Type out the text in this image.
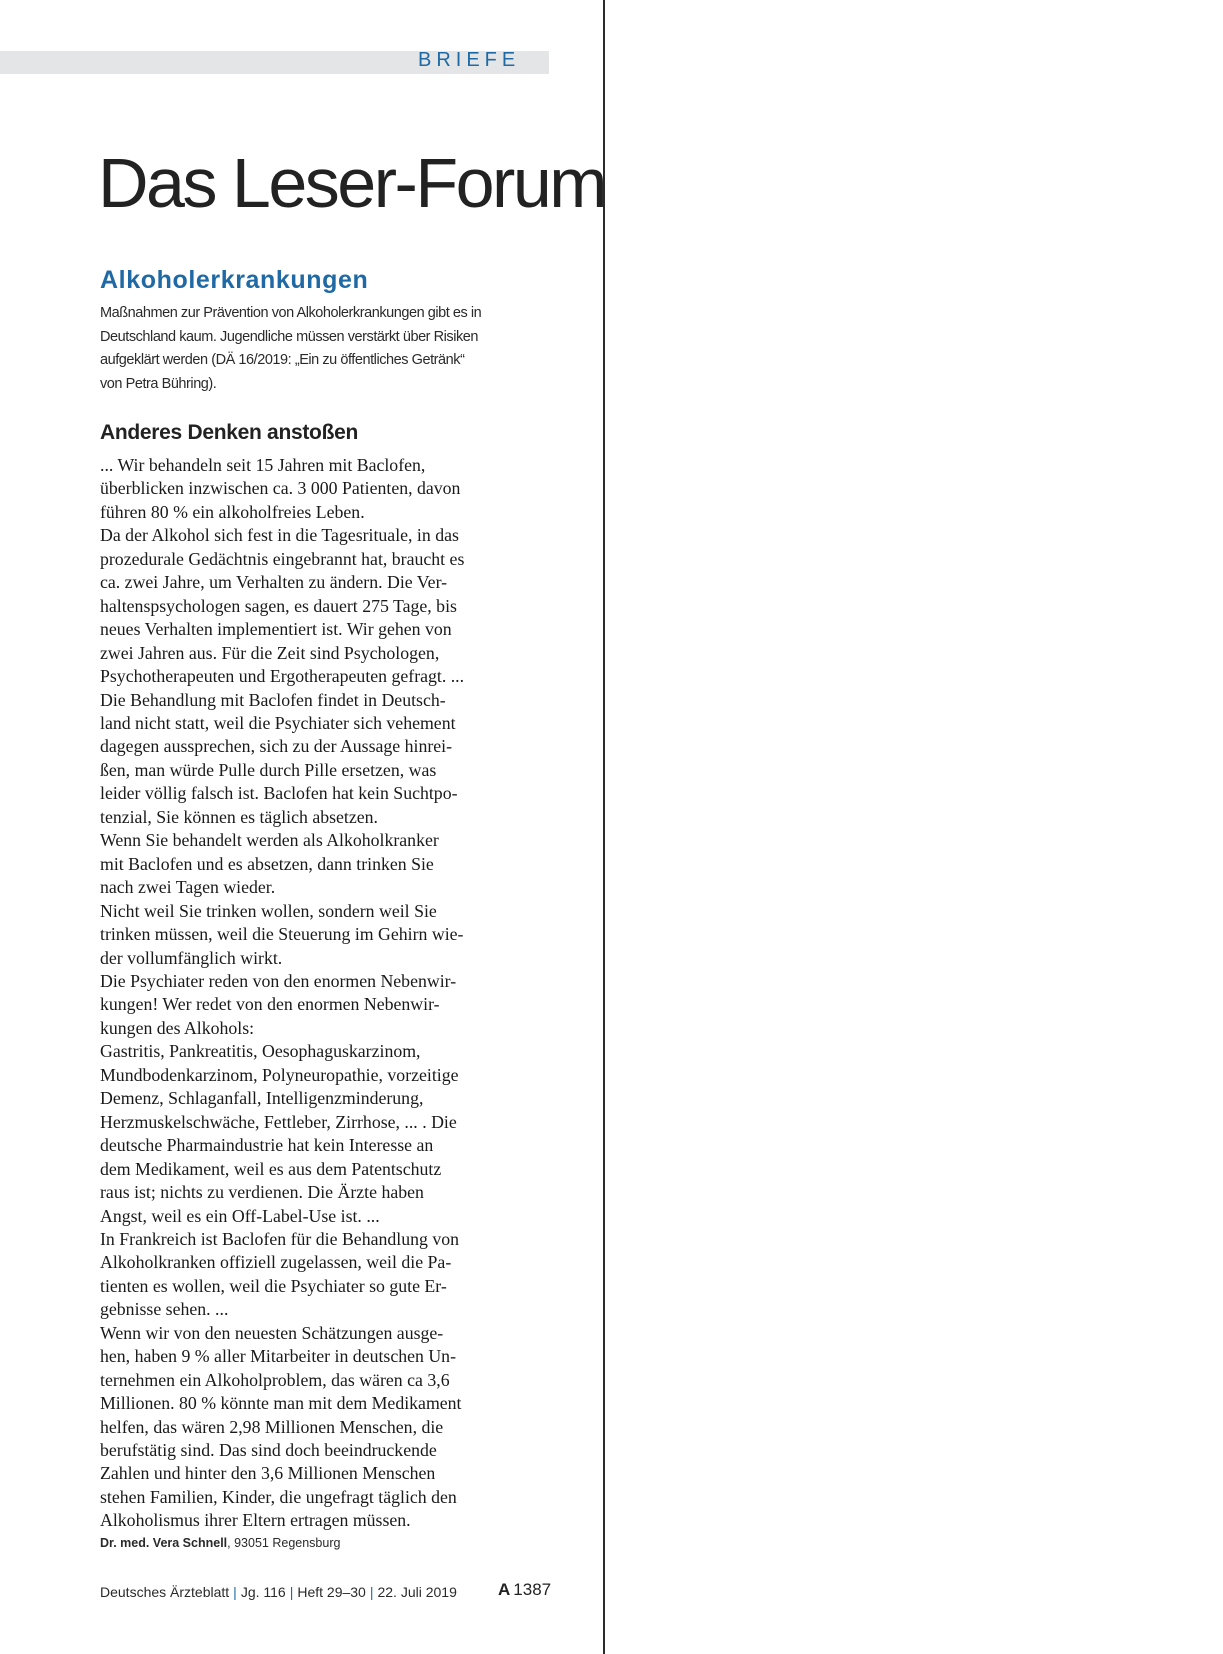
BRIEFE
Das Leser-Forum
Alkoholerkrankungen
Maßnahmen zur Prävention von Alkoholerkrankungen gibt es in
Deutschland kaum. Jugendliche müssen verstärkt über Risiken
aufgeklärt werden (DÄ 16/2019: „Ein zu öffentliches Getränk“
von Petra Bühring).
Anderes Denken anstoßen
... Wir behandeln seit 15 Jahren mit Baclofen,
überblicken inzwischen ca. 3 000 Patienten, davon
führen 80 % ein alkoholfreies Leben.
Da der Alkohol sich fest in die Tagesrituale, in das
prozedurale Gedächtnis eingebrannt hat, braucht es
ca. zwei Jahre, um Verhalten zu ändern. Die Ver-
haltenspsychologen sagen, es dauert 275 Tage, bis
neues Verhalten implementiert ist. Wir gehen von
zwei Jahren aus. Für die Zeit sind Psychologen,
Psychotherapeuten und Ergotherapeuten gefragt. ...
Die Behandlung mit Baclofen findet in Deutsch-
land nicht statt, weil die Psychiater sich vehement
dagegen aussprechen, sich zu der Aussage hinrei-
ßen, man würde Pulle durch Pille ersetzen, was
leider völlig falsch ist. Baclofen hat kein Suchtpo-
tenzial, Sie können es täglich absetzen.
Wenn Sie behandelt werden als Alkoholkranker
mit Baclofen und es absetzen, dann trinken Sie
nach zwei Tagen wieder.
Nicht weil Sie trinken wollen, sondern weil Sie
trinken müssen, weil die Steuerung im Gehirn wie-
der vollumfänglich wirkt.
Die Psychiater reden von den enormen Nebenwir-
kungen! Wer redet von den enormen Nebenwir-
kungen des Alkohols:
Gastritis, Pankreatitis, Oesophaguskarzinom,
Mundbodenkarzinom, Polyneuropathie, vorzeitige
Demenz, Schlaganfall, Intelligenzminderung,
Herzmuskelschwäche, Fettleber, Zirrhose, ... . Die
deutsche Pharmaindustrie hat kein Interesse an
dem Medikament, weil es aus dem Patentschutz
raus ist; nichts zu verdienen. Die Ärzte haben
Angst, weil es ein Off-Label-Use ist. ...
In Frankreich ist Baclofen für die Behandlung von
Alkoholkranken offiziell zugelassen, weil die Pa-
tienten es wollen, weil die Psychiater so gute Er-
gebnisse sehen. ...
Wenn wir von den neuesten Schätzungen ausge-
hen, haben 9 % aller Mitarbeiter in deutschen Un-
ternehmen ein Alkoholproblem, das wären ca 3,6
Millionen. 80 % könnte man mit dem Medikament
helfen, das wären 2,98 Millionen Menschen, die
berufstätig sind. Das sind doch beeindruckende
Zahlen und hinter den 3,6 Millionen Menschen
stehen Familien, Kinder, die ungefragt täglich den
Alkoholismus ihrer Eltern ertragen müssen.
Dr. med. Vera Schnell, 93051 Regensburg
Deutsches Ärzteblatt | Jg. 116 | Heft 29–30 | 22. Juli 2019 A 1387
